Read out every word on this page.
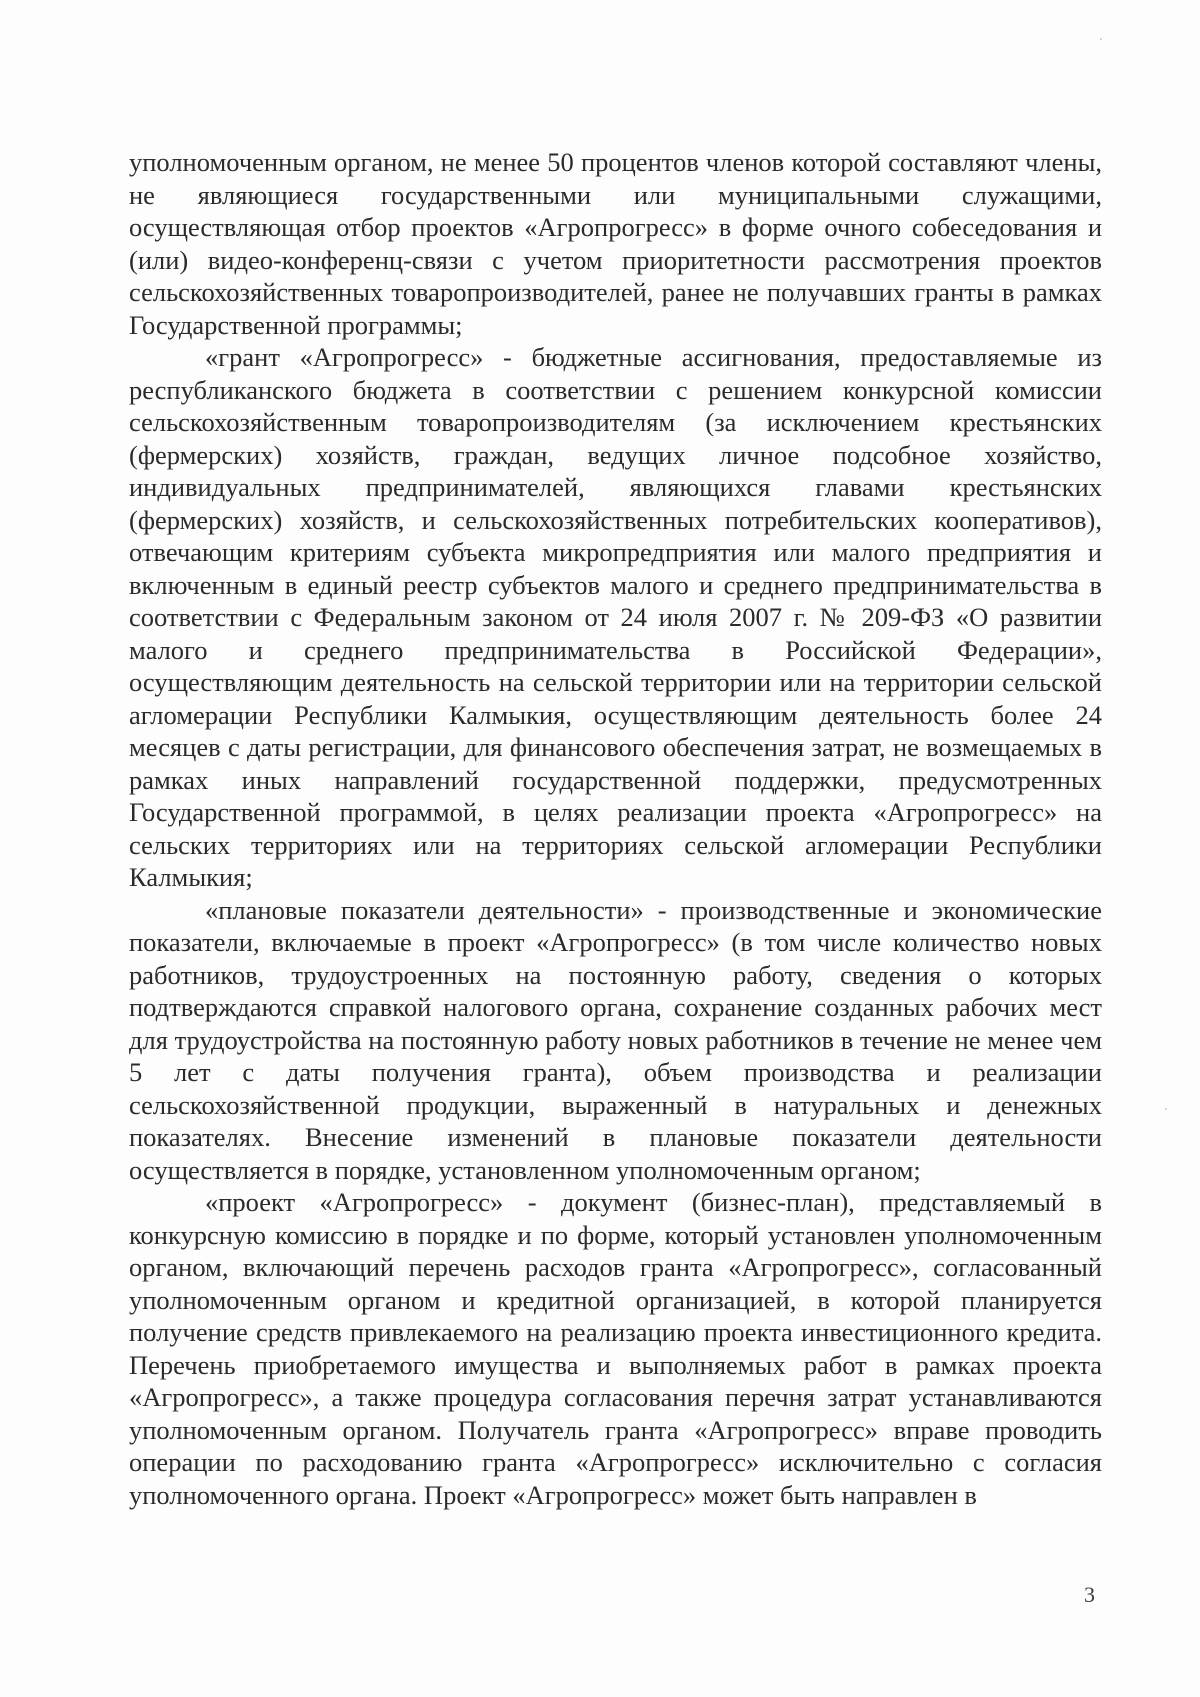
уполномоченным органом, не менее 50 процентов членов которой составляют члены, не являющиеся государственными или муниципальными служащими, осуществляющая отбор проектов «Агропрогресс» в форме очного собеседования и (или) видео-конференц-связи с учетом приоритетности рассмотрения проектов сельскохозяйственных товаропроизводителей, ранее не получавших гранты в рамках Государственной программы;

«грант «Агропрогресс» - бюджетные ассигнования, предоставляемые из республиканского бюджета в соответствии с решением конкурсной комиссии сельскохозяйственным товаропроизводителям (за исключением крестьянских (фермерских) хозяйств, граждан, ведущих личное подсобное хозяйство, индивидуальных предпринимателей, являющихся главами крестьянских (фермерских) хозяйств, и сельскохозяйственных потребительских кооперативов), отвечающим критериям субъекта микропредприятия или малого предприятия и включенным в единый реестр субъектов малого и среднего предпринимательства в соответствии с Федеральным законом от 24 июля 2007 г. № 209-ФЗ «О развитии малого и среднего предпринимательства в Российской Федерации», осуществляющим деятельность на сельской территории или на территории сельской агломерации Республики Калмыкия, осуществляющим деятельность более 24 месяцев с даты регистрации, для финансового обеспечения затрат, не возмещаемых в рамках иных направлений государственной поддержки, предусмотренных Государственной программой, в целях реализации проекта «Агропрогресс» на сельских территориях или на территориях сельской агломерации Республики Калмыкия;

«плановые показатели деятельности» - производственные и экономические показатели, включаемые в проект «Агропрогресс» (в том числе количество новых работников, трудоустроенных на постоянную работу, сведения о которых подтверждаются справкой налогового органа, сохранение созданных рабочих мест для трудоустройства на постоянную работу новых работников в течение не менее чем 5 лет с даты получения гранта), объем производства и реализации сельскохозяйственной продукции, выраженный в натуральных и денежных показателях. Внесение изменений в плановые показатели деятельности осуществляется в порядке, установленном уполномоченным органом;

«проект «Агропрогресс» - документ (бизнес-план), представляемый в конкурсную комиссию в порядке и по форме, который установлен уполномоченным органом, включающий перечень расходов гранта «Агропрогресс», согласованный уполномоченным органом и кредитной организацией, в которой планируется получение средств привлекаемого на реализацию проекта инвестиционного кредита. Перечень приобретаемого имущества и выполняемых работ в рамках проекта «Агропрогресс», а также процедура согласования перечня затрат устанавливаются уполномоченным органом. Получатель гранта «Агропрогресс» вправе проводить операции по расходованию гранта «Агропрогресс» исключительно с согласия уполномоченного органа. Проект «Агропрогресс» может быть направлен в

3
